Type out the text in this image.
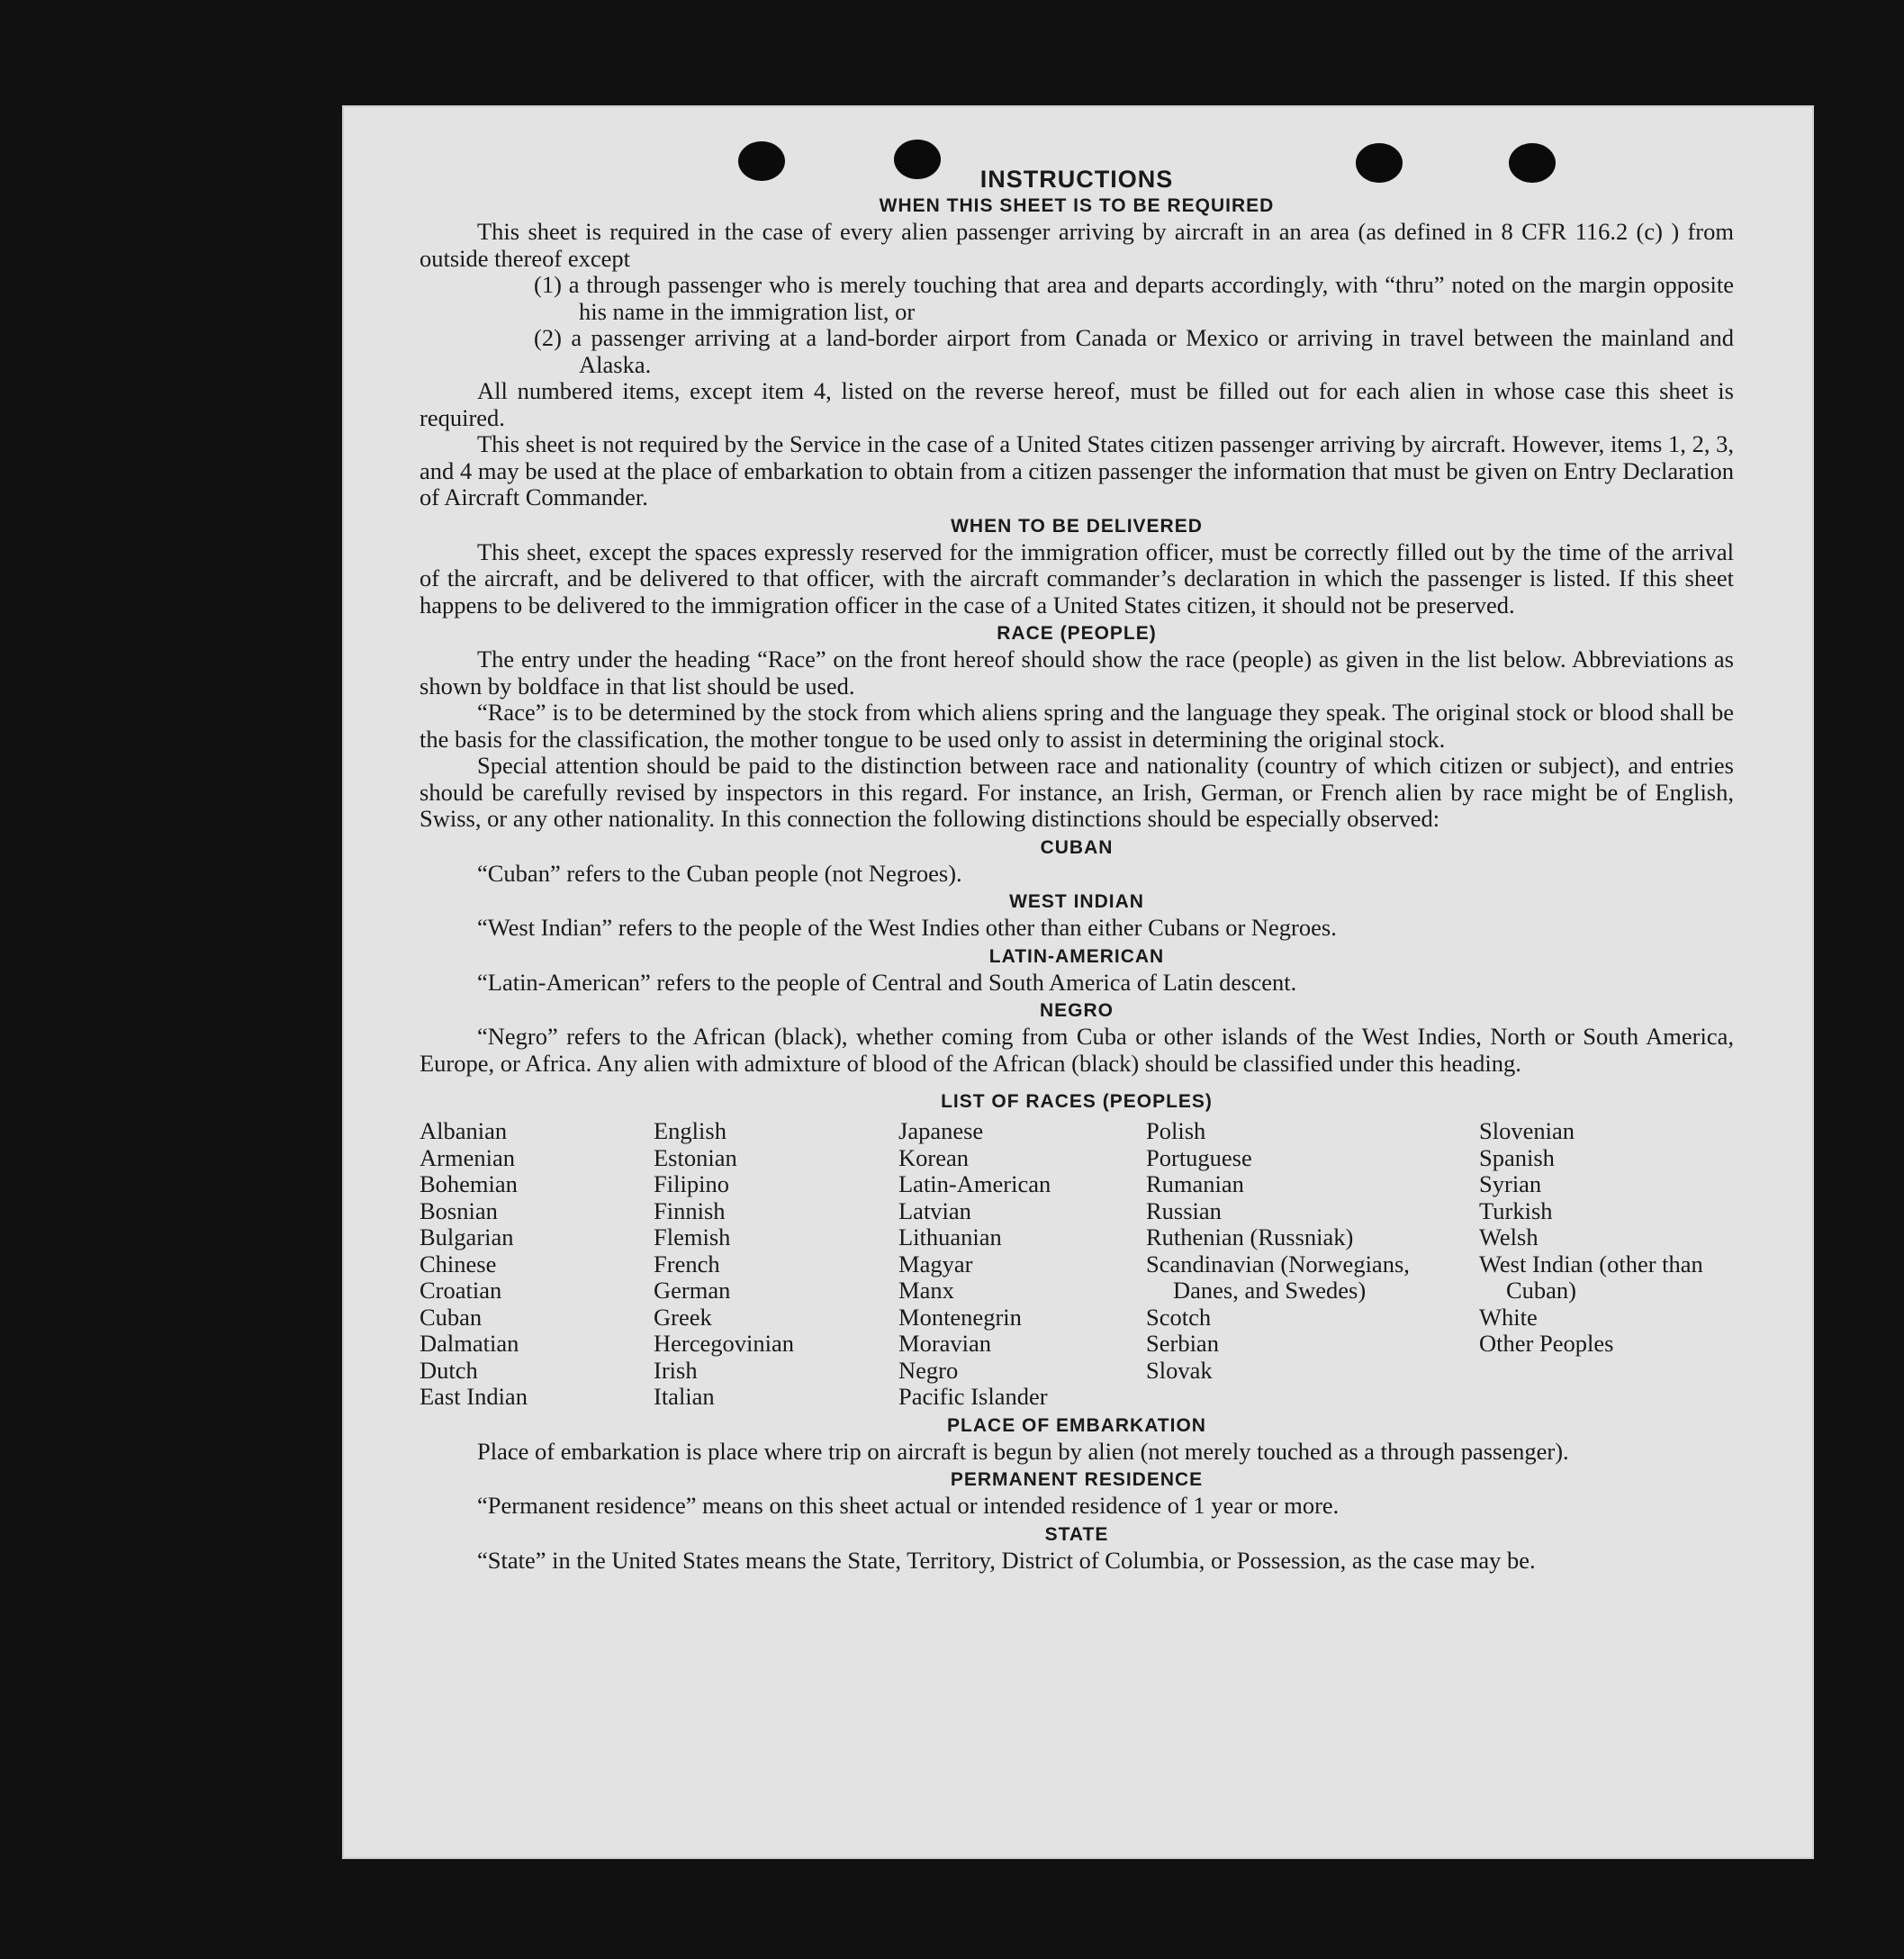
INSTRUCTIONS
WHEN THIS SHEET IS TO BE REQUIRED

This sheet is required in the case of every alien passenger arriving by aircraft in an area (as defined in 8 CFR 116.2 (c) ) from outside thereof except

(1) a through passenger who is merely touching that area and departs accordingly, with “thru” noted on the margin opposite his name in the immigration list, or

(2) a passenger arriving at a land-border airport from Canada or Mexico or arriving in travel between the mainland and Alaska.

All numbered items, except item 4, listed on the reverse hereof, must be filled out for each alien in whose case this sheet is required.

This sheet is not required by the Service in the case of a United States citizen passenger arriving by aircraft. However, items 1, 2, 3, and 4 may be used at the place of embarkation to obtain from a citizen passenger the information that must be given on Entry Declaration of Aircraft Commander.

WHEN TO BE DELIVERED

This sheet, except the spaces expressly reserved for the immigration officer, must be correctly filled out by the time of the arrival of the aircraft, and be delivered to that officer, with the aircraft commander’s declaration in which the passenger is listed. If this sheet happens to be delivered to the immigration officer in the case of a United States citizen, it should not be preserved.

RACE (PEOPLE)

The entry under the heading “Race” on the front hereof should show the race (people) as given in the list below. Abbreviations as shown by boldface in that list should be used.

“Race” is to be determined by the stock from which aliens spring and the language they speak. The original stock or blood shall be the basis for the classification, the mother tongue to be used only to assist in determining the original stock.

Special attention should be paid to the distinction between race and nationality (country of which citizen or subject), and entries should be carefully revised by inspectors in this regard. For instance, an Irish, German, or French alien by race might be of English, Swiss, or any other nationality. In this connection the following distinctions should be especially observed:

CUBAN

“Cuban” refers to the Cuban people (not Negroes).

WEST INDIAN

“West Indian” refers to the people of the West Indies other than either Cubans or Negroes.

LATIN-AMERICAN

“Latin-American” refers to the people of Central and South America of Latin descent.

NEGRO

“Negro” refers to the African (black), whether coming from Cuba or other islands of the West Indies, North or South America, Europe, or Africa. Any alien with admixture of blood of the African (black) should be classified under this heading.

LIST OF RACES (PEOPLES)
Albanian
Armenian
Bohemian
Bosnian
Bulgarian
Chinese
Croatian
Cuban
Dalmatian
Dutch
East Indian
English
Estonian
Filipino
Finnish
Flemish
French
German
Greek
Hercegovinian
Irish
Italian
Japanese
Korean
Latin-American
Latvian
Lithuanian
Magyar
Manx
Montenegrin
Moravian
Negro
Pacific Islander
Polish
Portuguese
Rumanian
Russian
Ruthenian (Russniak)
Scandinavian (Norwegians, Danes, and Swedes)
Scotch
Serbian
Slovak
Slovenian
Spanish
Syrian
Turkish
Welsh
West Indian (other than Cuban)
White
Other Peoples
PLACE OF EMBARKATION

Place of embarkation is place where trip on aircraft is begun by alien (not merely touched as a through passenger).

PERMANENT RESIDENCE

“Permanent residence” means on this sheet actual or intended residence of 1 year or more.

STATE

“State” in the United States means the State, Territory, District of Columbia, or Possession, as the case may be.
